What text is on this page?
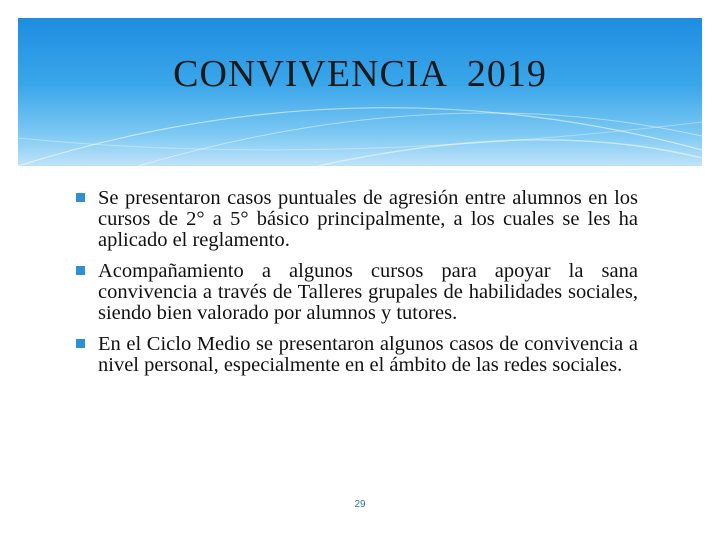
CONVIVENCIA  2019
Se presentaron casos puntuales de agresión entre alumnos en los cursos de 2° a 5° básico principalmente, a los cuales se les ha aplicado el reglamento.
Acompañamiento a algunos cursos para apoyar la sana convivencia a través de Talleres grupales de habilidades sociales, siendo bien valorado por alumnos y tutores.
En el Ciclo Medio se presentaron algunos casos de convivencia a nivel personal, especialmente en el ámbito de las redes sociales.
29
